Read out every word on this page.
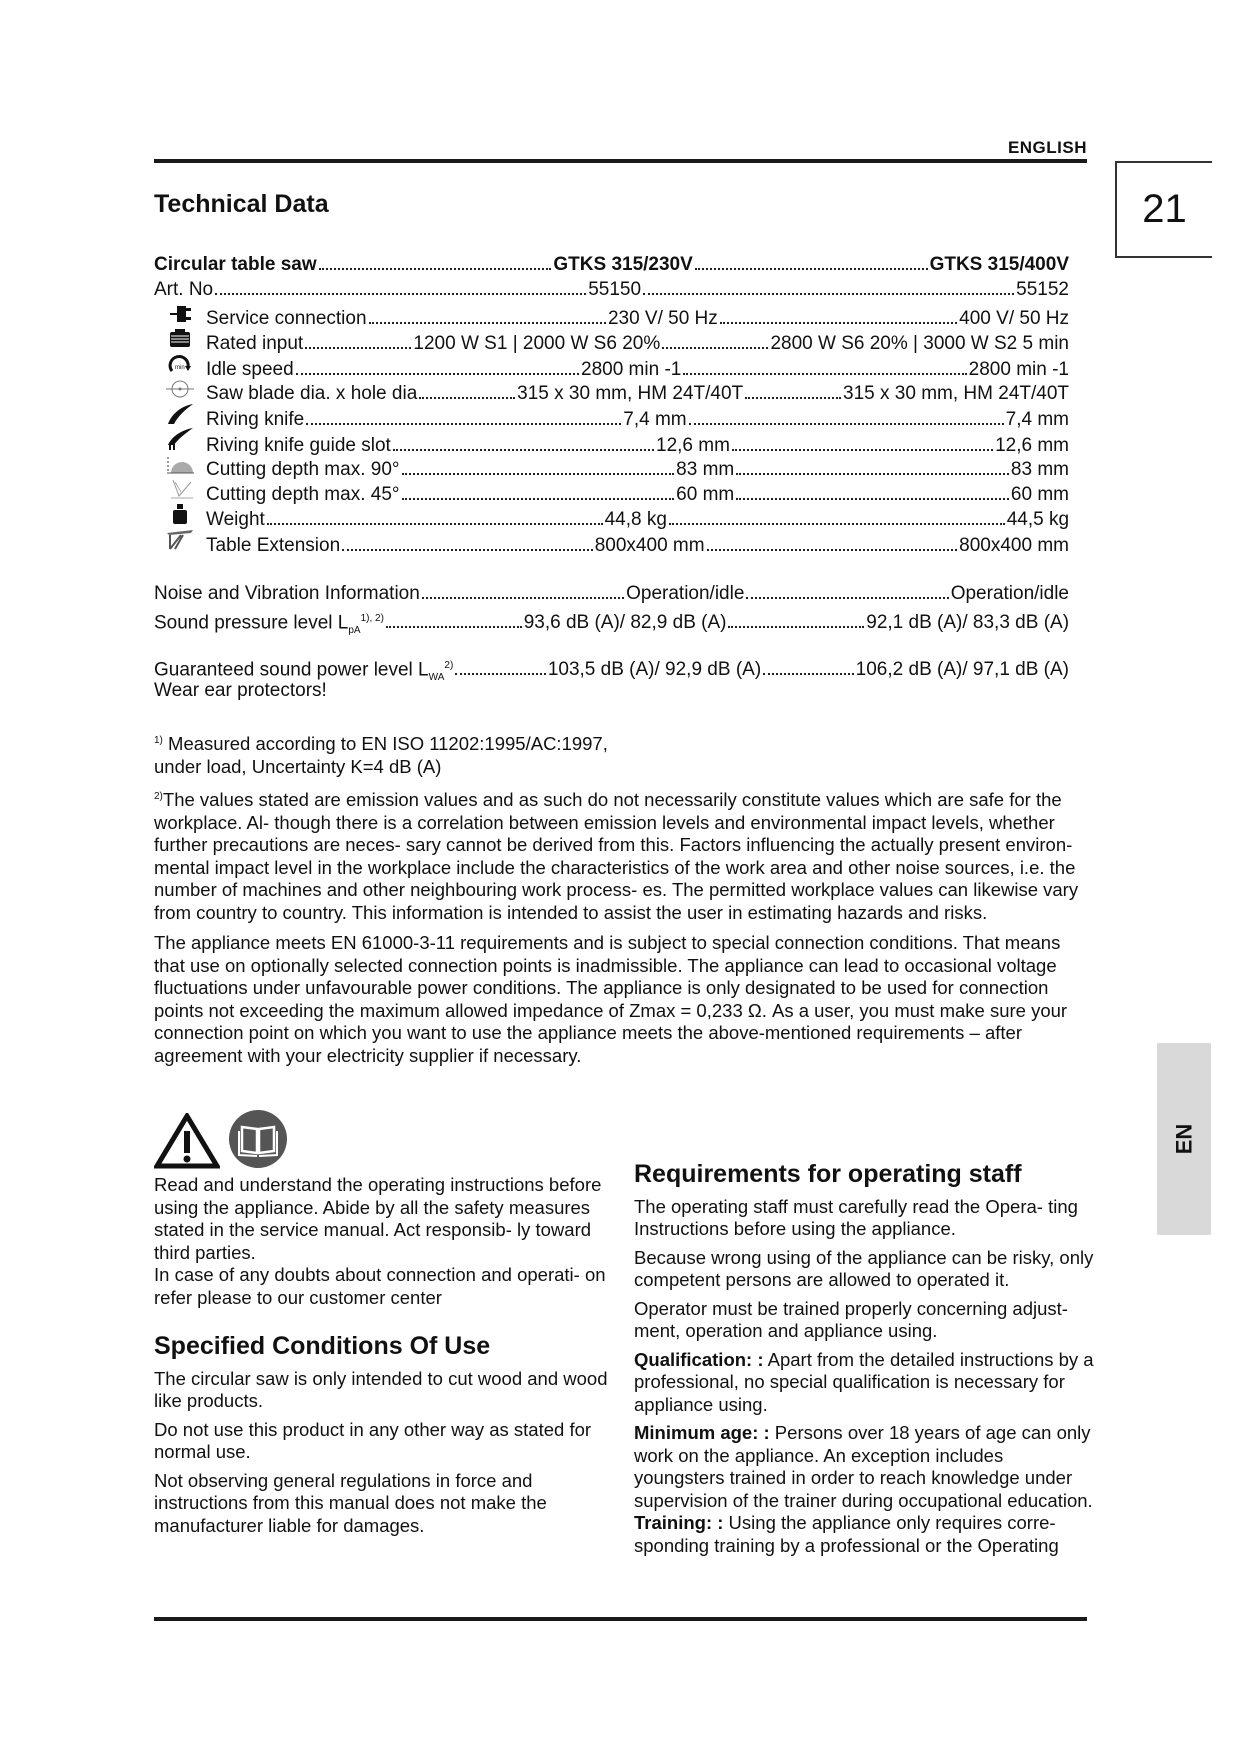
ENGLISH
21
EN
Technical Data
Circular table saw	GTKS 315/230V	GTKS 315/400V
Art. No	55150	55152
Service connection	230 V/ 50 Hz	400 V/ 50 Hz
Rated input	1200 W S1 | 2000 W S6 20%	2800 W S6 20% | 3000 W S2 5 min
min Idle speed	2800 min -1	2800 min -1
Saw blade dia. x hole dia	315 x 30 mm, HM 24T/40T	315 x 30 mm, HM 24T/40T
Riving knife	7,4 mm	7,4 mm
Riving knife guide slot	12,6 mm	12,6 mm
Cutting depth max. 90°	83 mm	83 mm
Cutting depth max. 45°	60 mm	60 mm
Weight	44,8 kg	44,5 kg
Table Extension	800x400 mm	800x400 mm
Noise and Vibration Information	Operation/idle	Operation/idle
Sound pressure level $L_{pA}^{1), 2)}$	93,6 dB (A)/ 82,9 dB (A)	92,1 dB (A)/ 83,3 dB (A)
Guaranteed sound power level $L_{WA}^{2)}$	103,5 dB (A)/ 92,9 dB (A)	106,2 dB (A)/ 97,1 dB (A)
Wear ear protectors!

$^{1)}$ Measured according to EN ISO 11202:1995/AC:1997,
under load, Uncertainty K=4 dB (A)

$^{2)}$The values stated are emission values and as such do not necessarily constitute values which are safe for the workplace. Al- though there is a correlation between emission levels and environmental impact levels, whether further precautions are neces- sary cannot be derived from this. Factors influencing the actually present environ- mental impact level in the workplace include the characteristics of the work area and other noise sources, i.e. the number of machines and other neighbouring work process- es. The permitted workplace values can likewise vary from country to country. This information is intended to assist the user in estimating hazards and risks.

The appliance meets EN 61000-3-11 requirements and is subject to special connection conditions. That means that use on optionally selected connection points is inadmissible. The appliance can lead to occasional voltage fluctuations under unfavourable power conditions. The appliance is only designated to be used for connection points not exceeding the maximum allowed impedance of Zmax = 0,233 Ω. As a user, you must make sure your connection point on which you want to use the appliance meets the above-mentioned requirements – after agreement with your electricity supplier if necessary.

Read and understand the operating instructions before using the appliance. Abide by all the safety measures stated in the service manual. Act responsib- ly toward third parties.

In case of any doubts about connection and operati- on refer please to our customer center

Specified Conditions Of Use

The circular saw is only intended to cut wood and wood like products.

Do not use this product in any other way as stated for normal use.

Not observing general regulations in force and instructions from this manual does not make the manufacturer liable for damages.

Requirements for operating staff

The operating staff must carefully read the Opera- ting Instructions before using the appliance.

Because wrong using of the appliance can be risky, only competent persons are allowed to operated it.

Operator must be trained properly concerning adjust- ment, operation and appliance using.

Qualification: : Apart from the detailed instructions by a professional, no special qualification is necessary for appliance using.

Minimum age: : Persons over 18 years of age can only work on the appliance. An exception includes youngsters trained in order to reach knowledge under supervision of the trainer during occupational education.

Training: : Using the appliance only requires corre- sponding training by a professional or the Operating
